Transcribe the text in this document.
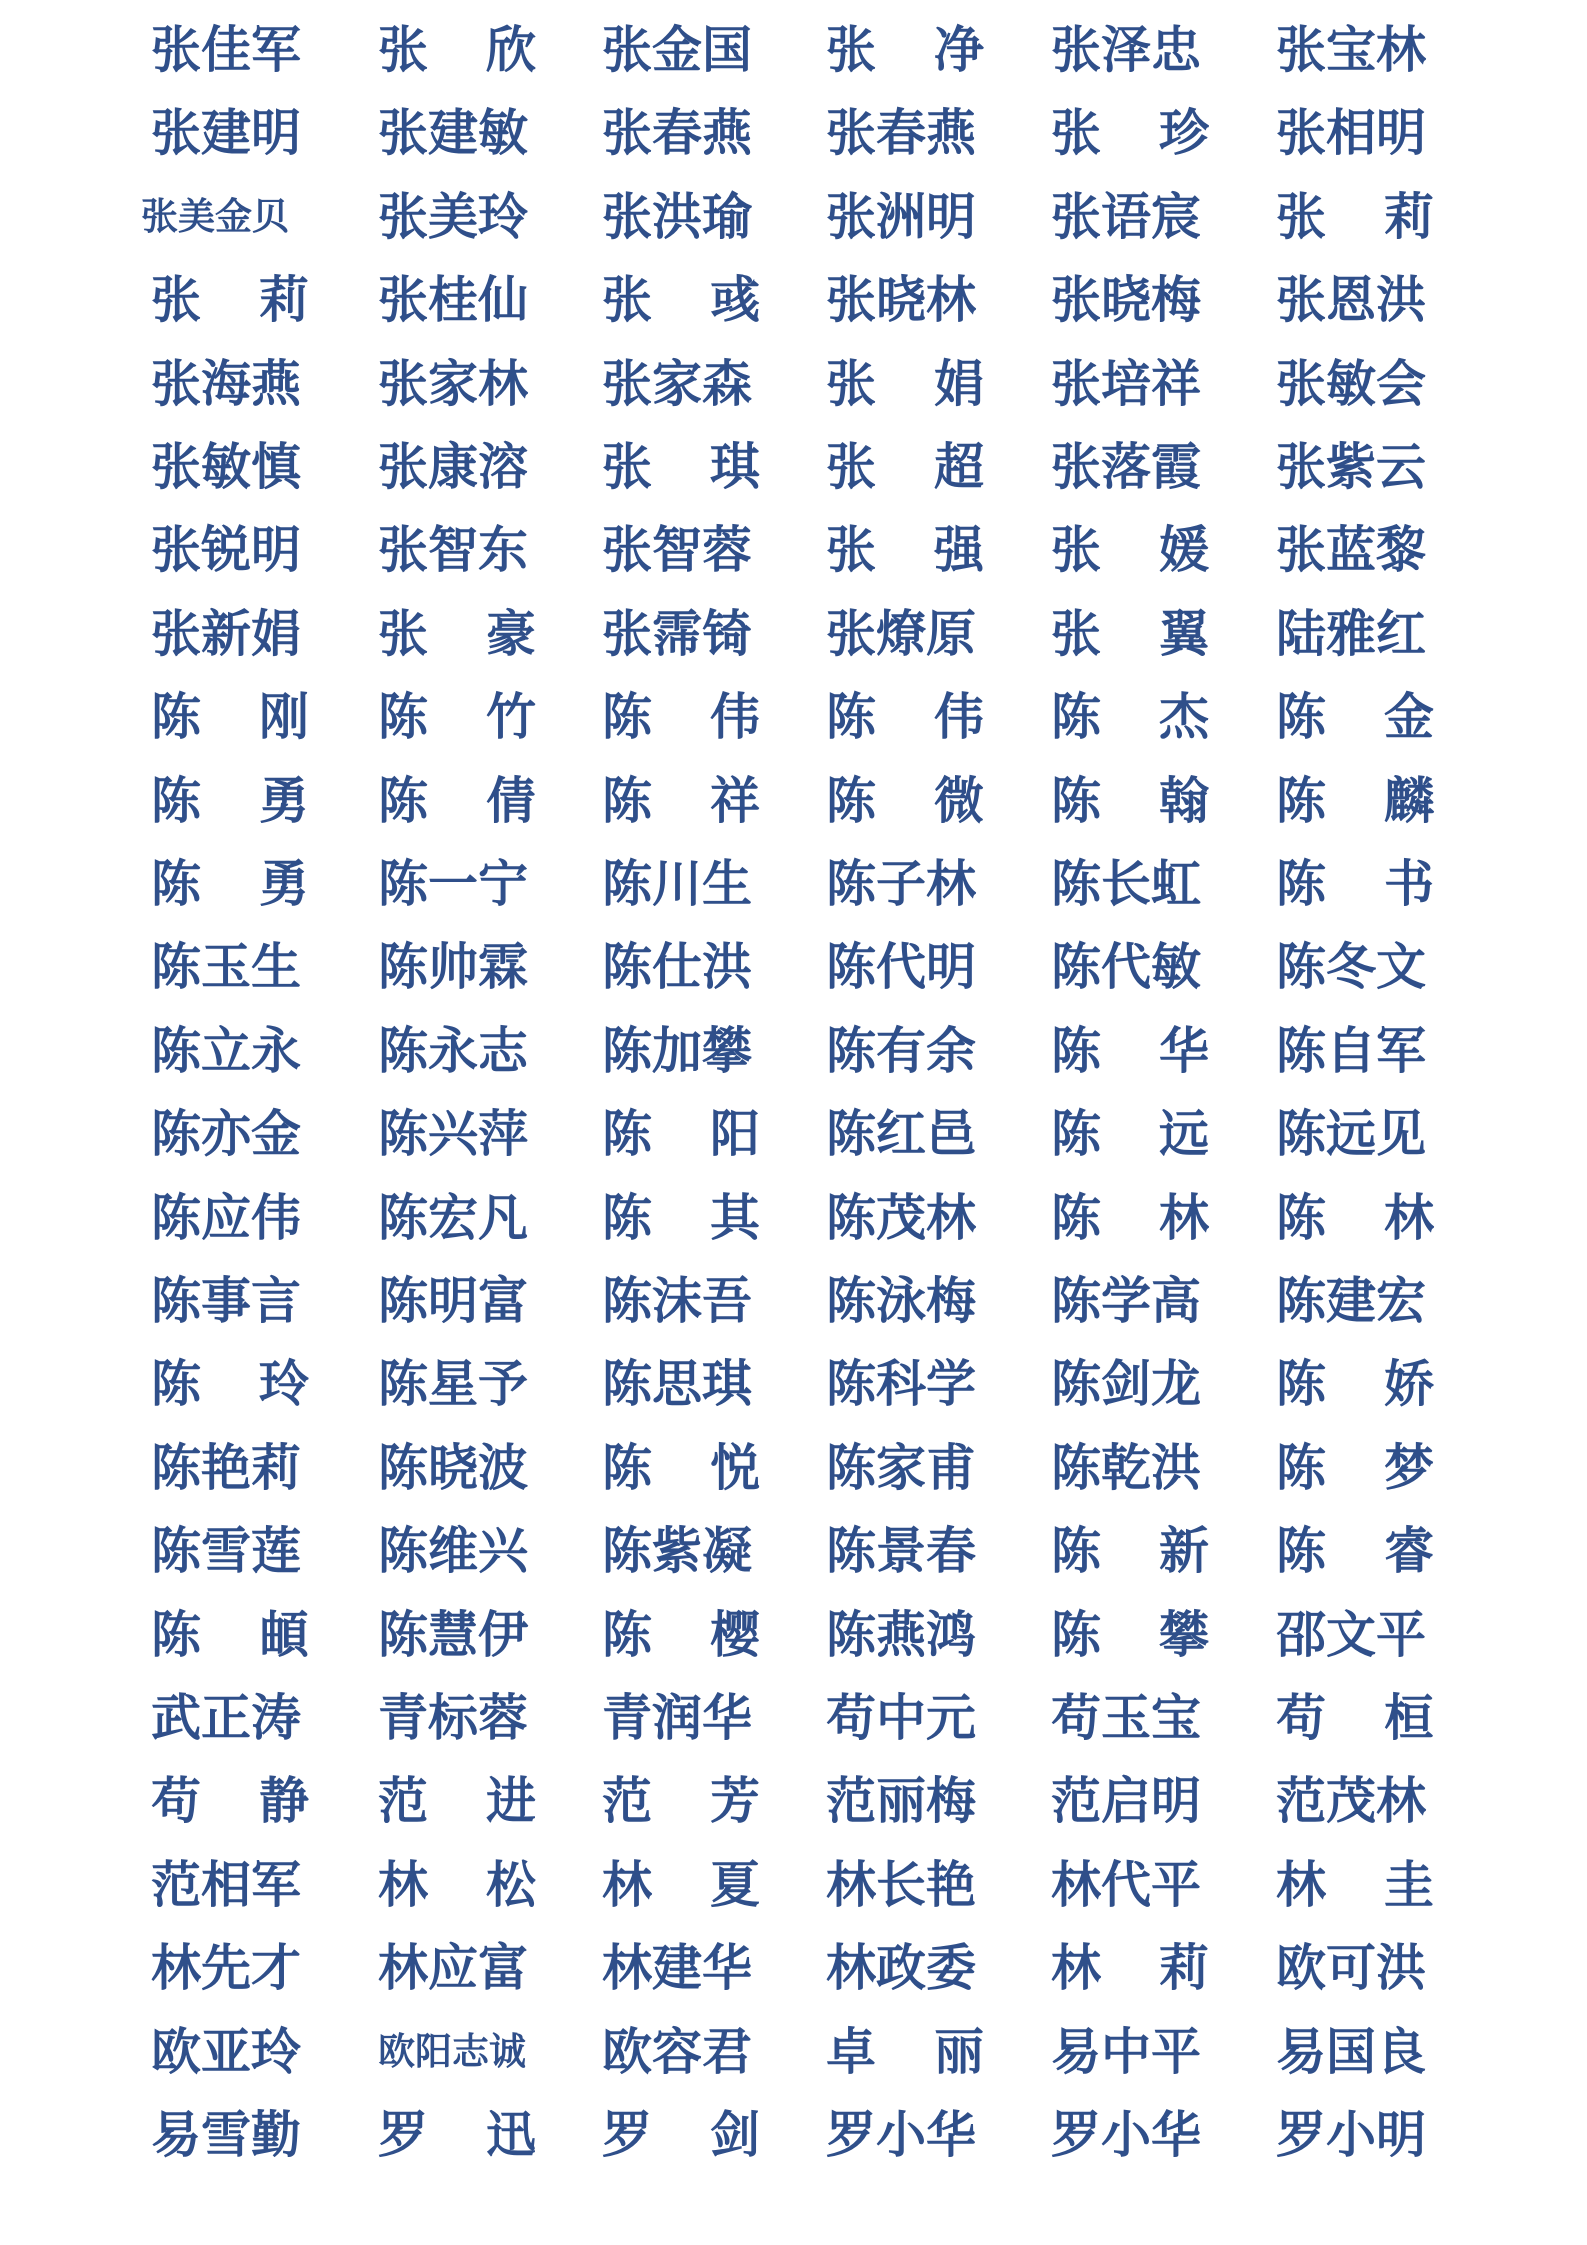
张佳军 张 欣 张金国 张 净 张泽忠 张宝林
张建明 张建敏 张春燕 张春燕 张 珍 张相明
张美金贝 张美玲 张洪瑜 张洲明 张语宸 张 莉
张 莉 张桂仙 张 彧 张晓林 张晓梅 张恩洪
张海燕 张家林 张家森 张 娟 张培祥 张敏会
张敏慎 张康溶 张 琪 张 超 张落霞 张紫云
张锐明 张智东 张智蓉 张 强 张 媛 张蓝黎
张新娟 张 豪 张霈锜 张燎原 张 翼 陆雅红
陈 刚 陈 竹 陈 伟 陈 伟 陈 杰 陈 金
陈 勇 陈 倩 陈 祥 陈 微 陈 翰 陈 麟
陈 勇 陈一宁 陈川生 陈子林 陈长虹 陈 书
陈玉生 陈帅霖 陈仕洪 陈代明 陈代敏 陈冬文
陈立永 陈永志 陈加攀 陈有余 陈 华 陈自军
陈亦金 陈兴萍 陈 阳 陈红邑 陈 远 陈远见
陈应伟 陈宏凡 陈 其 陈茂林 陈 林 陈 林
陈事言 陈明富 陈沫吾 陈泳梅 陈学高 陈建宏
陈 玲 陈星予 陈思琪 陈科学 陈剑龙 陈 娇
陈艳莉 陈晓波 陈 悦 陈家甫 陈乾洪 陈 梦
陈雪莲 陈维兴 陈紫凝 陈景春 陈 新 陈 睿
陈 頔 陈慧伊 陈 樱 陈燕鸿 陈 攀 邵文平
武正涛 青标蓉 青润华 苟中元 苟玉宝 苟 桓
苟 静 范 进 范 芳 范丽梅 范启明 范茂林
范相军 林 松 林 夏 林长艳 林代平 林 圭
林先才 林应富 林建华 林政委 林 莉 欧可洪
欧亚玲 欧阳志诚 欧容君 卓 丽 易中平 易国良
易雪勤 罗 迅 罗 剑 罗小华 罗小华 罗小明
